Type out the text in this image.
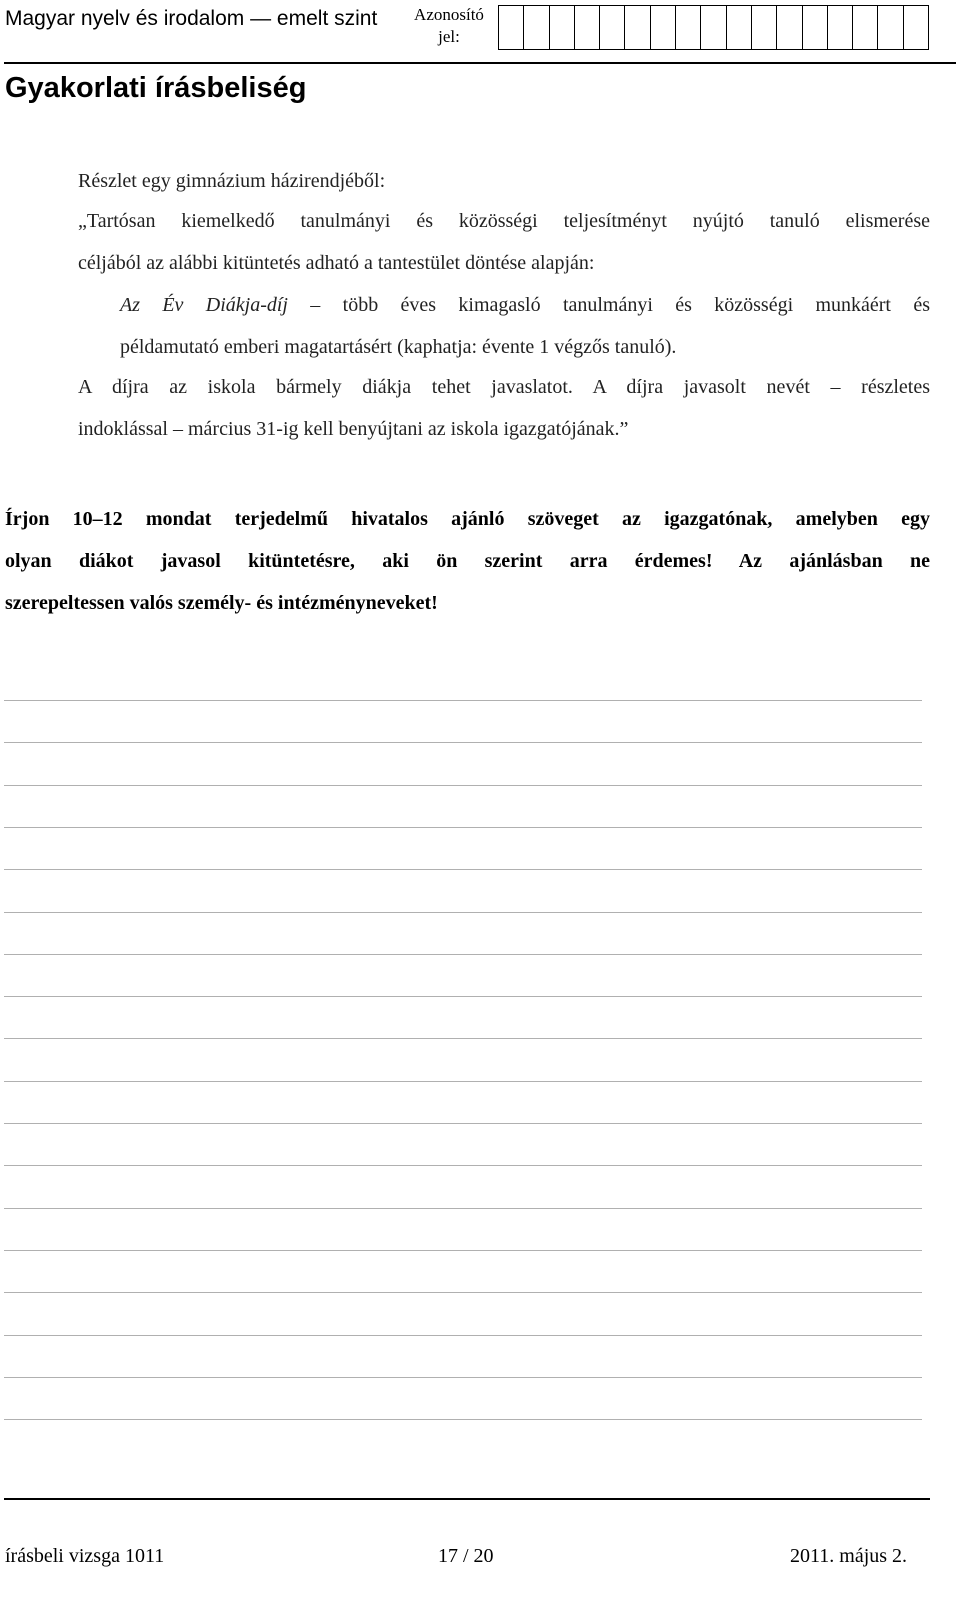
Magyar nyelv és irodalom — emelt szint Azonosító
jel:
Gyakorlati írásbeliség
Részlet egy gimnázium házirendjéből:
„Tartósan kiemelkedő tanulmányi és közösségi teljesítményt nyújtó tanuló elismerése
céljából az alábbi kitüntetés adható a tantestület döntése alapján:
Az Év Diákja-díj – több éves kimagasló tanulmányi és közösségi munkáért és
példamutató emberi magatartásért (kaphatja: évente 1 végzős tanuló).
A díjra az iskola bármely diákja tehet javaslatot. A díjra javasolt nevét – részletes
indoklással – március 31-ig kell benyújtani az iskola igazgatójának.”
Írjon 10–12 mondat terjedelmű hivatalos ajánló szöveget az igazgatónak, amelyben egy
olyan diákot javasol kitüntetésre, aki ön szerint arra érdemes! Az ajánlásban ne
szerepeltessen valós személy- és intézményneveket!
írásbeli vizsga 1011	17 / 20	2011. május 2.
